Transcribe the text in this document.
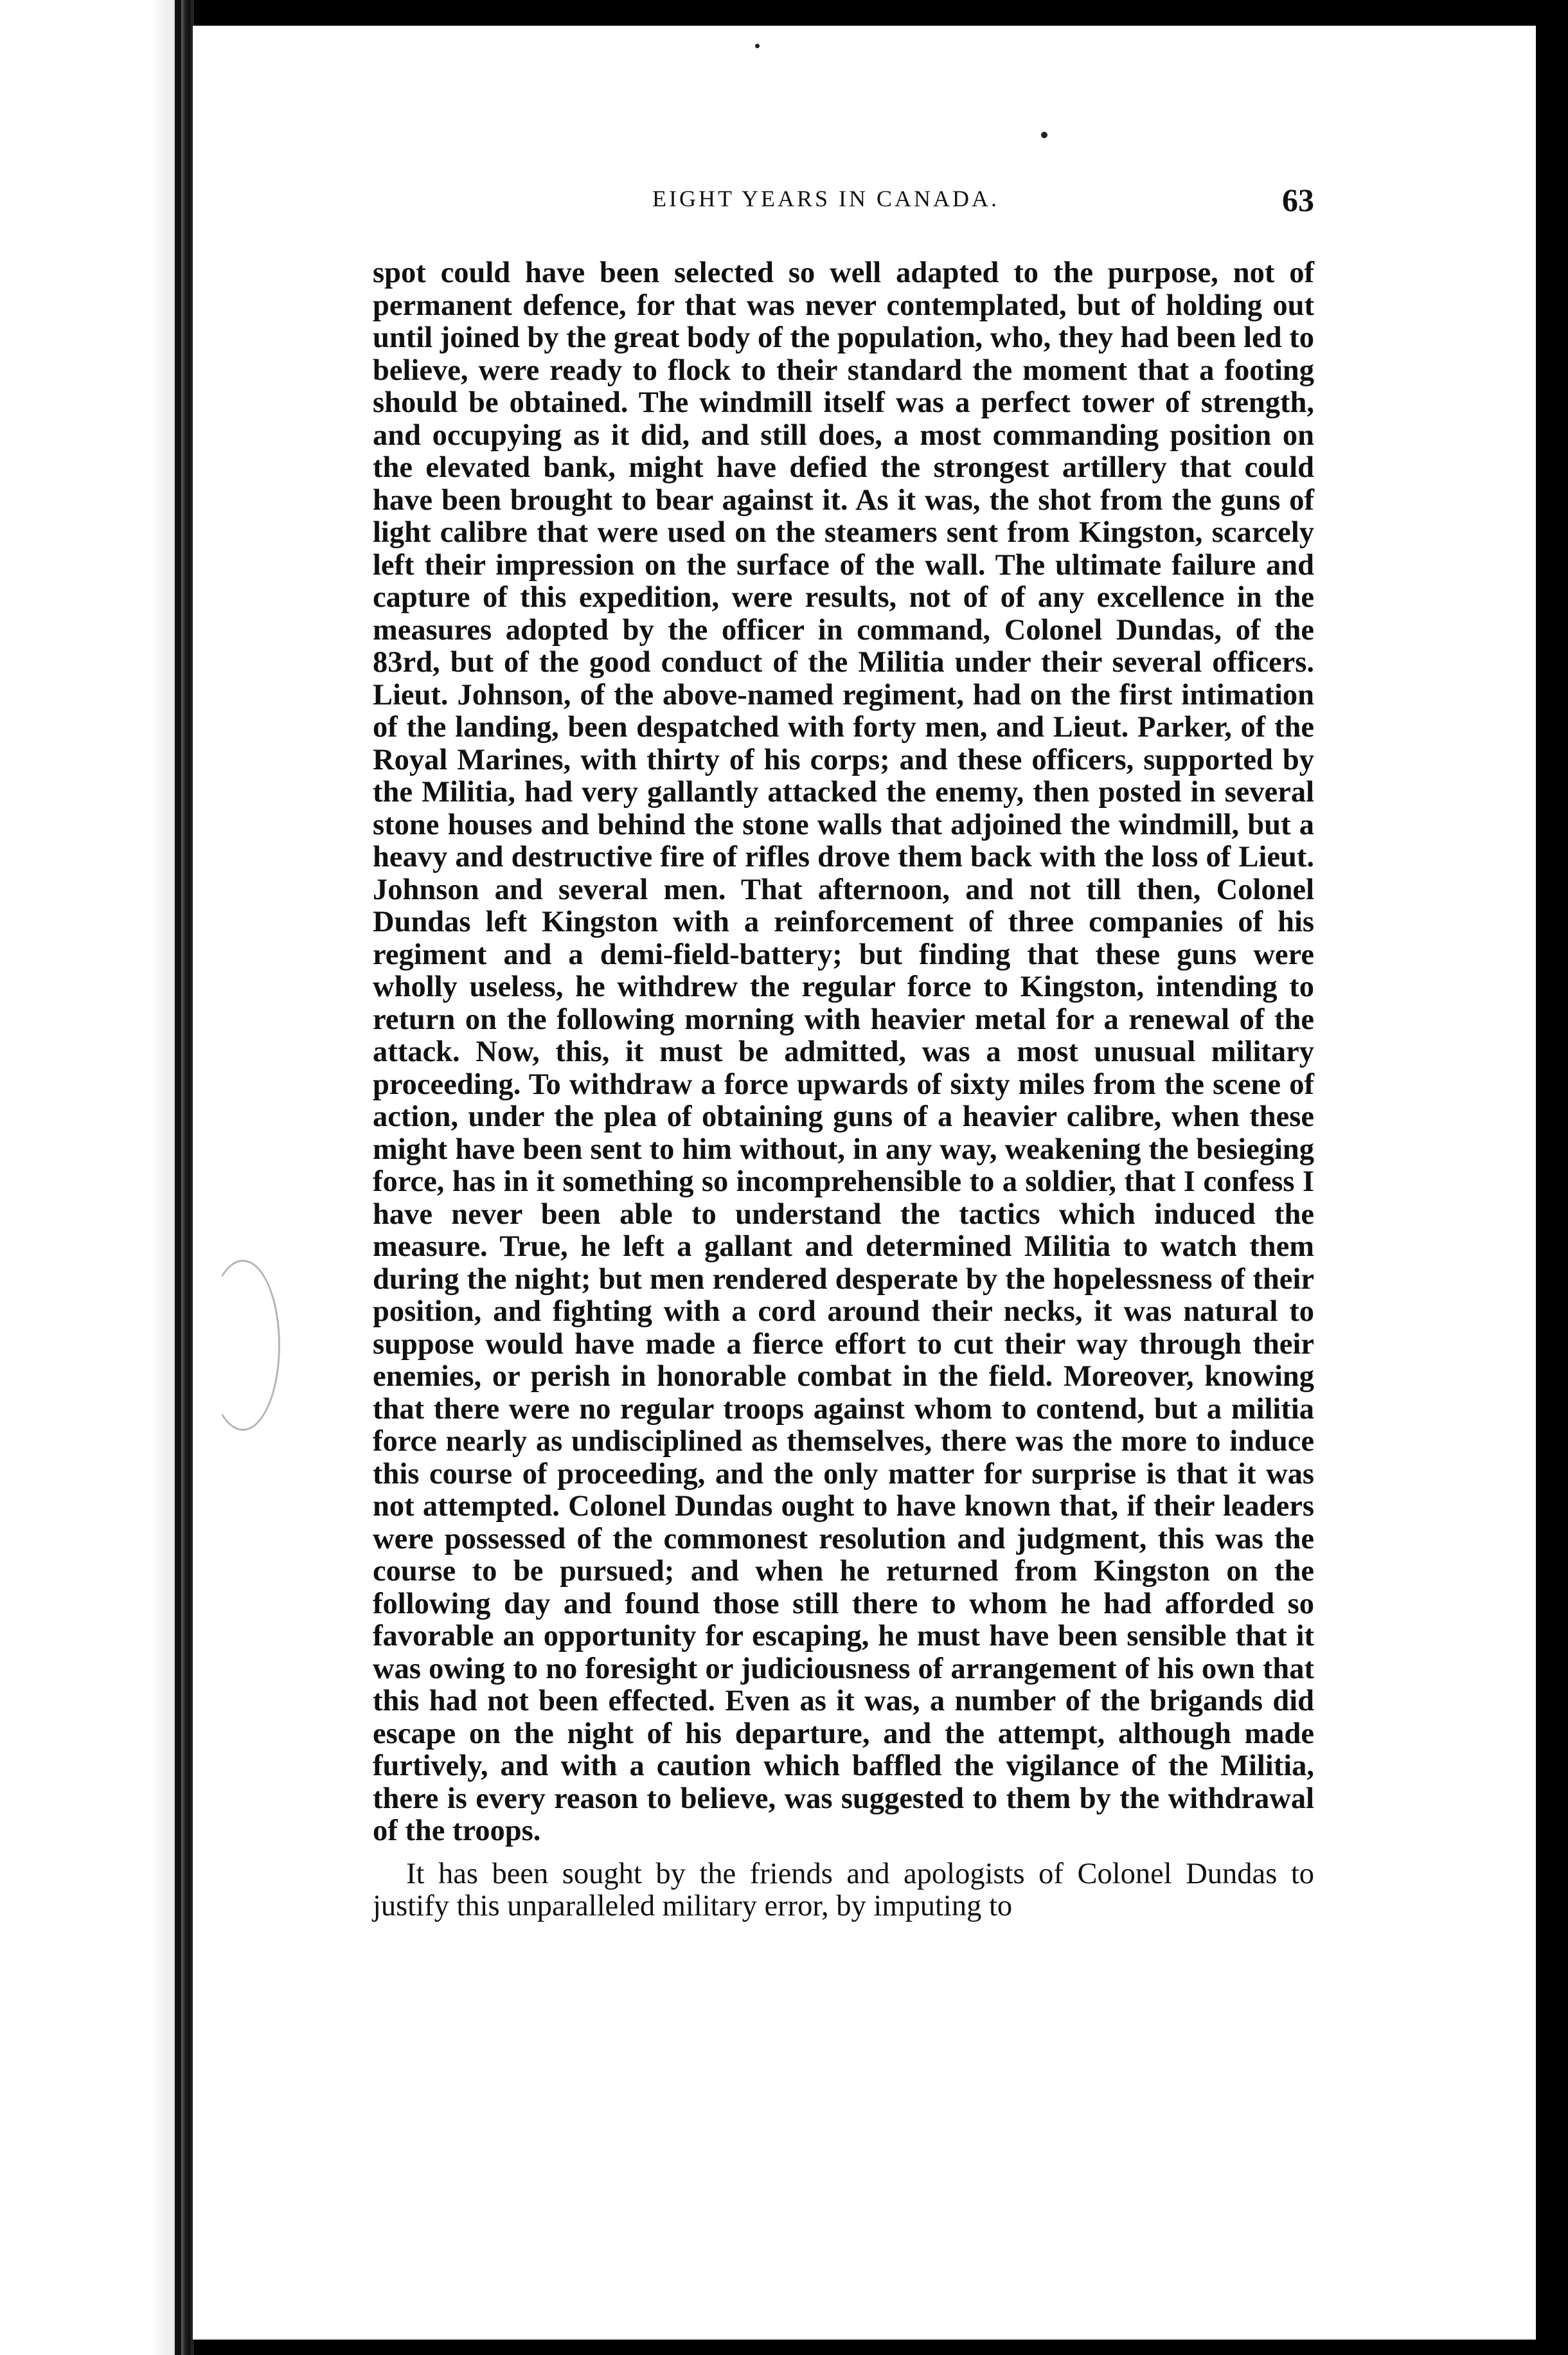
EIGHT YEARS IN CANADA.	63

spot could have been selected so well adapted to the purpose, not of permanent defence, for that was never contemplated, but of holding out until joined by the great body of the population, who, they had been led to believe, were ready to flock to their standard the moment that a footing should be obtained. The windmill itself was a perfect tower of strength, and occupying as it did, and still does, a most commanding position on the elevated bank, might have defied the strongest artillery that could have been brought to bear against it. As it was, the shot from the guns of light calibre that were used on the steamers sent from Kingston, scarcely left their impression on the surface of the wall. The ultimate failure and capture of this expedition, were results, not of of any excellence in the measures adopted by the officer in command, Colonel Dundas, of the 83rd, but of the good conduct of the Militia under their several officers. Lieut. Johnson, of the above-named regiment, had on the first intimation of the landing, been despatched with forty men, and Lieut. Parker, of the Royal Marines, with thirty of his corps; and these officers, supported by the Militia, had very gallantly attacked the enemy, then posted in several stone houses and behind the stone walls that adjoined the windmill, but a heavy and destructive fire of rifles drove them back with the loss of Lieut. Johnson and several men. That afternoon, and not till then, Colonel Dundas left Kingston with a reinforcement of three companies of his regiment and a demi-field-battery; but finding that these guns were wholly useless, he withdrew the regular force to Kingston, intending to return on the following morning with heavier metal for a renewal of the attack. Now, this, it must be admitted, was a most unusual military proceeding. To withdraw a force upwards of sixty miles from the scene of action, under the plea of obtaining guns of a heavier calibre, when these might have been sent to him without, in any way, weakening the besieging force, has in it something so incomprehensible to a soldier, that I confess I have never been able to understand the tactics which induced the measure. True, he left a gallant and determined Militia to watch them during the night; but men rendered desperate by the hopelessness of their position, and fighting with a cord around their necks, it was natural to suppose would have made a fierce effort to cut their way through their enemies, or perish in honorable combat in the field. Moreover, knowing that there were no regular troops against whom to contend, but a militia force nearly as undisciplined as themselves, there was the more to induce this course of proceeding, and the only matter for surprise is that it was not attempted. Colonel Dundas ought to have known that, if their leaders were possessed of the commonest resolution and judgment, this was the course to be pursued; and when he returned from Kingston on the following day and found those still there to whom he had afforded so favorable an opportunity for escaping, he must have been sensible that it was owing to no foresight or judiciousness of arrangement of his own that this had not been effected. Even as it was, a number of the brigands did escape on the night of his departure, and the attempt, although made furtively, and with a caution which baffled the vigilance of the Militia, there is every reason to believe, was suggested to them by the withdrawal of the troops.

It has been sought by the friends and apologists of Colonel Dundas to justify this unparalleled military error, by imputing to
